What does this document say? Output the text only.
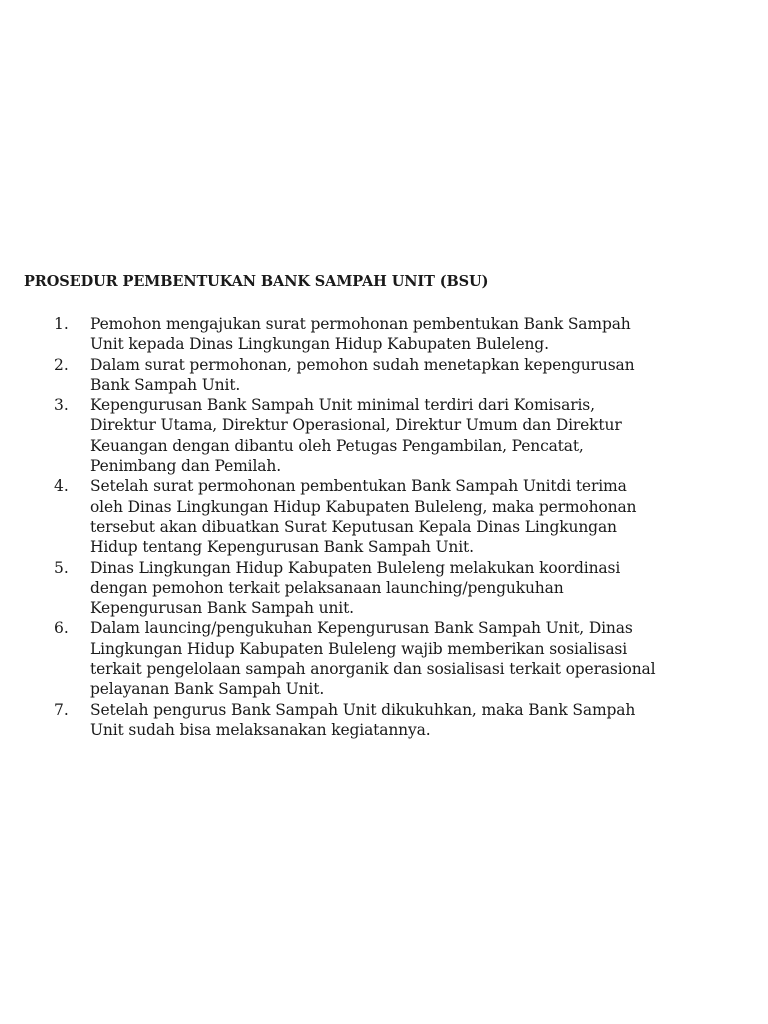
PROSEDUR PEMBENTUKAN BANK SAMPAH UNIT (BSU)
1.	Pemohon mengajukan surat permohonan pembentukan Bank Sampah
Unit kepada Dinas Lingkungan Hidup Kabupaten Buleleng.
2.	Dalam surat permohonan, pemohon sudah menetapkan kepengurusan
Bank Sampah Unit.
3.	Kepengurusan Bank Sampah Unit minimal terdiri dari Komisaris,
Direktur Utama, Direktur Operasional, Direktur Umum dan Direktur
Keuangan dengan dibantu oleh Petugas Pengambilan, Pencatat,
Penimbang dan Pemilah.
4.	Setelah surat permohonan pembentukan Bank Sampah Unitdi terima
oleh Dinas Lingkungan Hidup Kabupaten Buleleng, maka permohonan
tersebut akan dibuatkan Surat Keputusan Kepala Dinas Lingkungan
Hidup tentang Kepengurusan Bank Sampah Unit.
5.	Dinas Lingkungan Hidup Kabupaten Buleleng melakukan koordinasi
dengan pemohon terkait pelaksanaan launching/pengukuhan
Kepengurusan Bank Sampah unit.
6.	Dalam launcing/pengukuhan Kepengurusan Bank Sampah Unit, Dinas
Lingkungan Hidup Kabupaten Buleleng wajib memberikan sosialisasi
terkait pengelolaan sampah anorganik dan sosialisasi terkait operasional
pelayanan Bank Sampah Unit.
7.	Setelah pengurus Bank Sampah Unit dikukuhkan, maka Bank Sampah
Unit sudah bisa melaksanakan kegiatannya.
